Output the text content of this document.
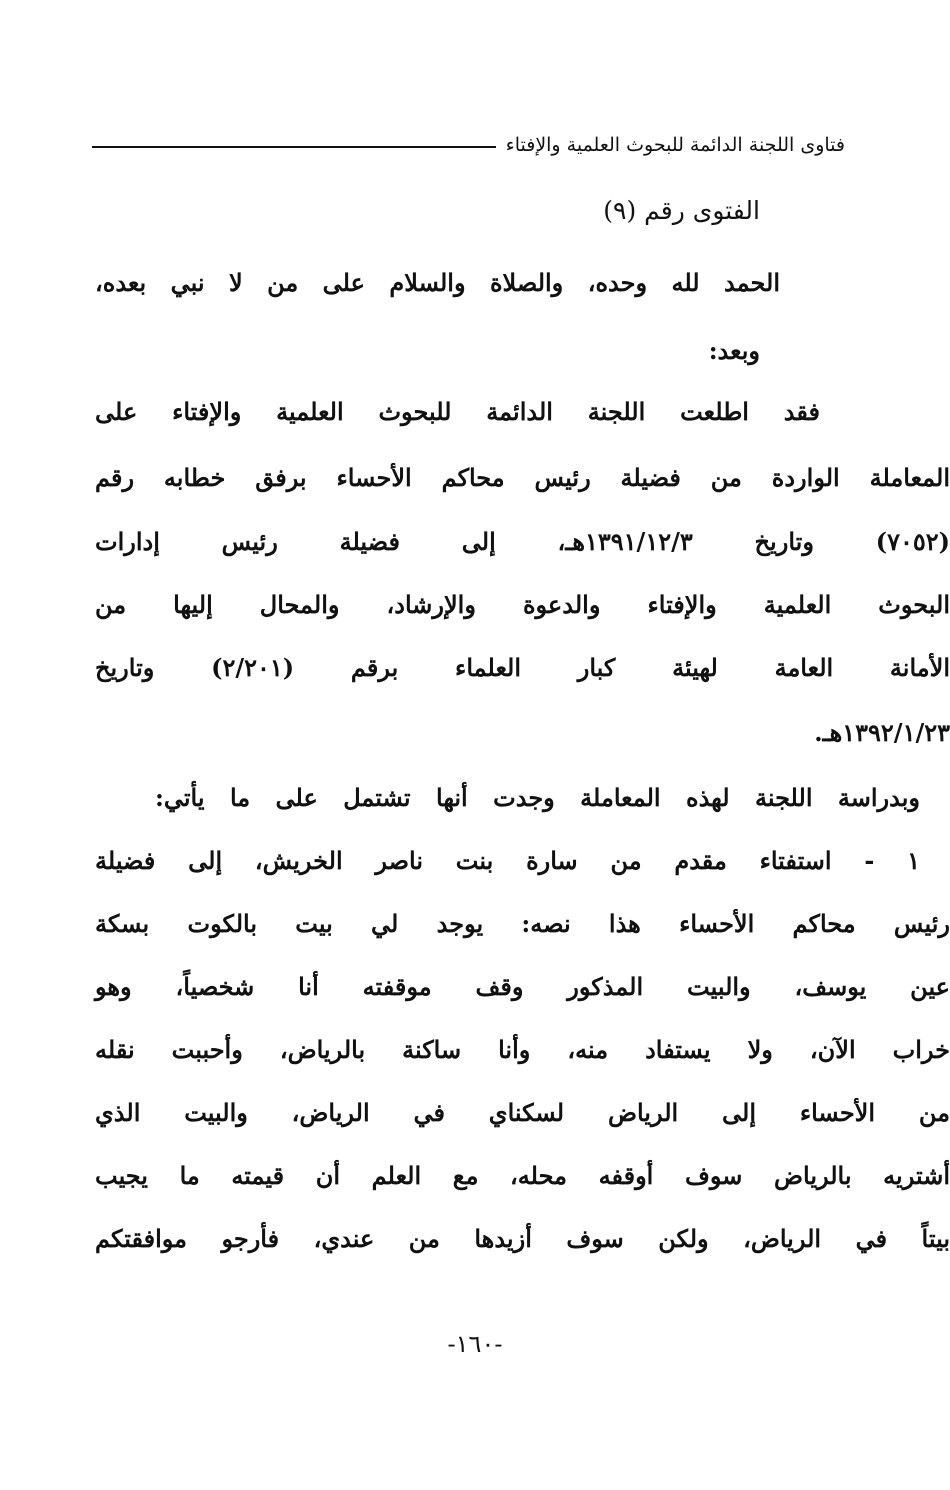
فتاوى اللجنة الدائمة للبحوث العلمية والإفتاء
الفتوى رقم (٩)
الحمد لله وحده، والصلاة والسلام على من لا نبي بعده،
وبعد:
فقد اطلعت اللجنة الدائمة للبحوث العلمية والإفتاء على
المعاملة الواردة من فضيلة رئيس محاكم الأحساء برفق خطابه رقم
(٧٠٥٢) وتاريخ ١٣٩١/١٢/٣هـ، إلى فضيلة رئيس إدارات
البحوث العلمية والإفتاء والدعوة والإرشاد، والمحال إليها من
الأمانة العامة لهيئة كبار العلماء برقم (٢/٢٠١) وتاريخ
١٣٩٢/١/٢٣هـ.
وبدراسة اللجنة لهذه المعاملة وجدت أنها تشتمل على ما يأتي:
١ - استفتاء مقدم من سارة بنت ناصر الخريش، إلى فضيلة
رئيس محاكم الأحساء هذا نصه: يوجد لي بيت بالكوت بسكة
عين يوسف، والبيت المذكور وقف موقفته أنا شخصياً، وهو
خراب الآن، ولا يستفاد منه، وأنا ساكنة بالرياض، وأحببت نقله
من الأحساء إلى الرياض لسكناي في الرياض، والبيت الذي
أشتريه بالرياض سوف أوقفه محله، مع العلم أن قيمته ما يجيب
بيتاً في الرياض، ولكن سوف أزيدها من عندي، فأرجو موافقتكم
-١٦٠-
